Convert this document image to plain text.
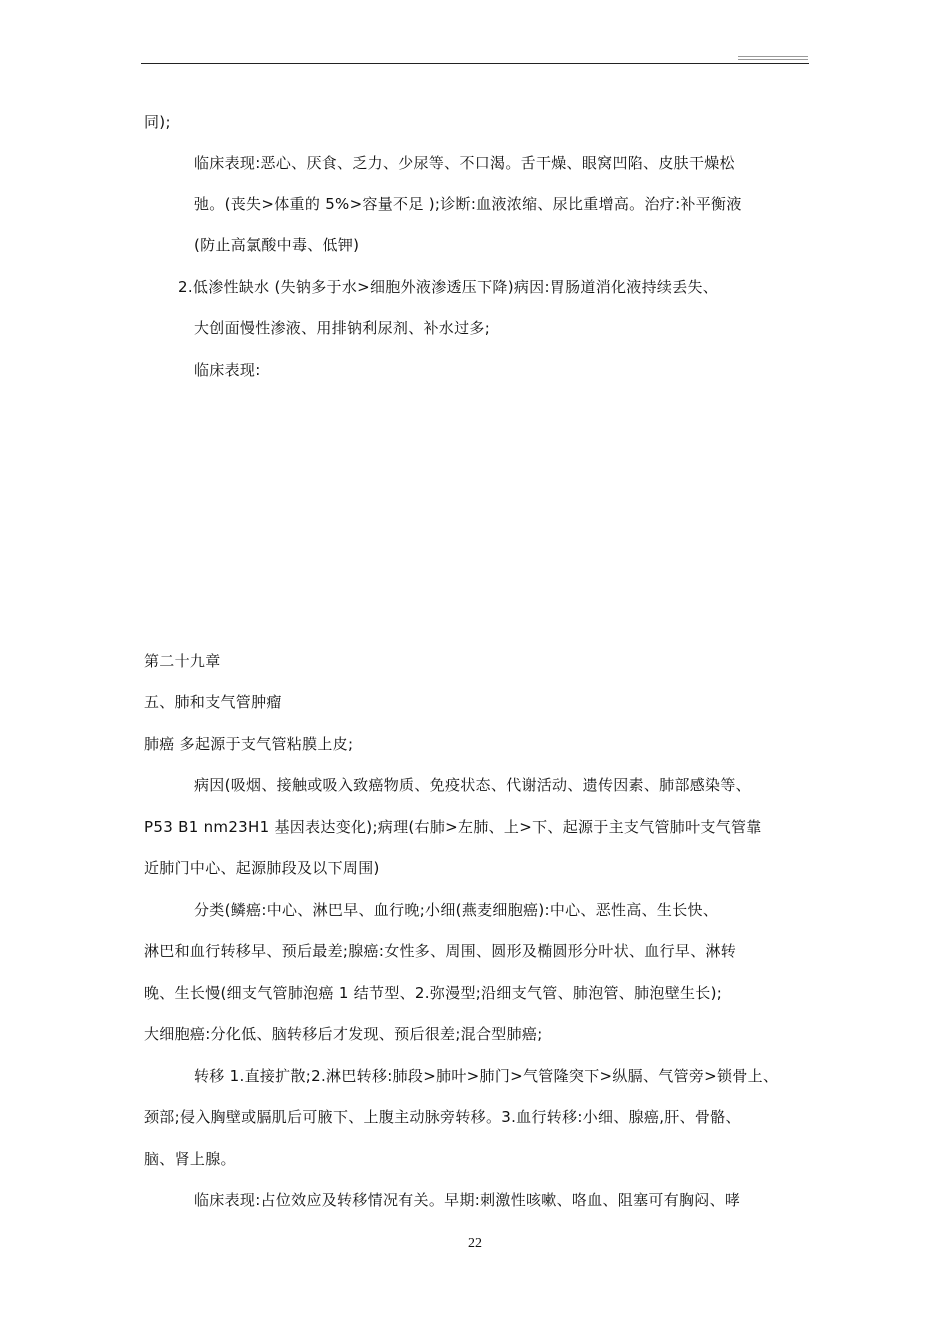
同);
临床表现:恶心、厌食、乏力、少尿等、不口渴。舌干燥、眼窝凹陷、皮肤干燥松
弛。(丧失>体重的 5%>容量不足 );诊断:血液浓缩、尿比重增高。治疗:补平衡液
(防止高氯酸中毒、低钾)
2.低渗性缺水 (失钠多于水>细胞外液渗透压下降)病因:胃肠道消化液持续丢失、
大创面慢性渗液、用排钠利尿剂、补水过多;
临床表现:
第二十九章
五、肺和支气管肿瘤
肺癌 多起源于支气管粘膜上皮;
病因(吸烟、接触或吸入致癌物质、免疫状态、代谢活动、遗传因素、肺部感染等、
P53 B1 nm23H1 基因表达变化);病理(右肺>左肺、上>下、起源于主支气管肺叶支气管靠
近肺门中心、起源肺段及以下周围)
分类(鳞癌:中心、淋巴早、血行晚;小细(燕麦细胞癌):中心、恶性高、生长快、
淋巴和血行转移早、预后最差;腺癌:女性多、周围、圆形及椭圆形分叶状、血行早、淋转
晚、生长慢(细支气管肺泡癌 1 结节型、2.弥漫型;沿细支气管、肺泡管、肺泡壁生长);
大细胞癌:分化低、脑转移后才发现、预后很差;混合型肺癌;
转移 1.直接扩散;2.淋巴转移:肺段>肺叶>肺门>气管隆突下>纵膈、气管旁>锁骨上、
颈部;侵入胸壁或膈肌后可腋下、上腹主动脉旁转移。3.血行转移:小细、腺癌,肝、骨骼、
脑、肾上腺。
临床表现:占位效应及转移情况有关。早期:刺激性咳嗽、咯血、阻塞可有胸闷、哮
22
